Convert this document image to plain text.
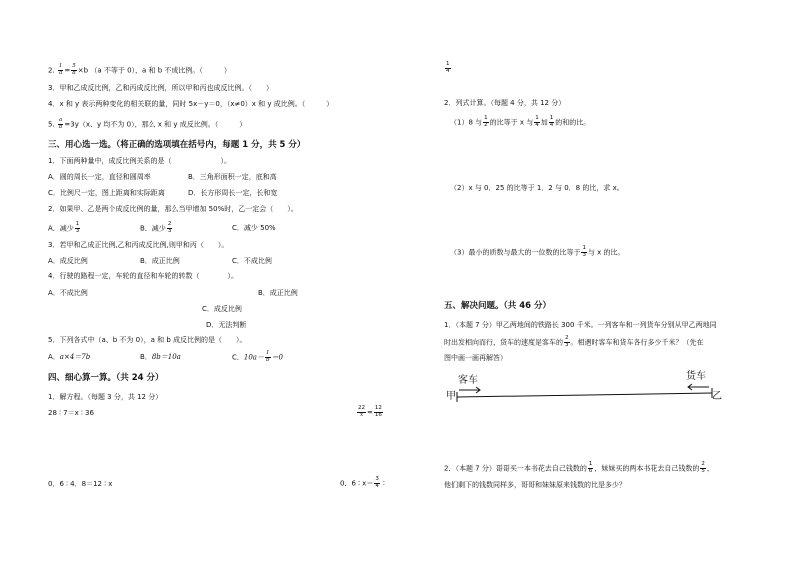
2. $\frac{1}{a} = \frac{5}{8} \times b$ （a 不等于 0），a 和 b 不成比例。（　　　）
3．甲和乙成反比例，乙和丙成反比例，所以甲和丙也成反比例。（　　）
4．x 和 y 表示两种变化的相关联的量，同时 5x－y＝0，（x≠0）x 和 y 成比例。（　　　）
5. $\frac{a}{8} =3y(x$、y 均不为 0），那么 x 和 y 成反比例。（　　　）
三、用心选一选。（将正确的选项填在括号内，每题 1 分，共 5 分）
1．下面两种量中，成反比例关系的是（　　　　　　　）。
A．圆的周长一定，直径和圆周率	B．三角形面积一定，底和高
C．比例尺一定，图上距离和实际距离	D．长方形周长一定，长和宽
2．如果甲、乙是两个成反比例的量，那么当甲增加 50%时，乙一定会（　　）。
A．减少 $\frac{1}{3}$	B．减少 $\frac{2}{3}$	C．减少 50%
3．若甲和乙成正比例,乙和丙成反比例,则甲和丙（　　）。
A．成反比例	B．成正比例	C．不成比例
4．行驶的路程一定，车轮的直径和车轮的转数（　　　　）。
A．不成比例	B．成正比例
C．成反比例
D．无法判断
5．下列各式中（a、b 不为 0），a 和 b 成反比例的是（　　）。
A．a×4＝7b	B．8b＝10a	C．$10a- \frac{1}{b} =0$
四、细心算一算。（共 24 分）
1．解方程。（每题 3 分，共 12 分）
28 ∶ 7＝x ∶ 36	$\frac{22}{x} = \frac{12}{16}$
0．6 ∶ 4．8＝12 ∶ x	0．6 ∶ $x= \frac{3}{4}$ ∶
$\frac{1}{4}$
2．列式计算。（每题 4 分，共 12 分）
（1）8 与 $\frac{1}{2}$ 的比等于 x 与 $\frac{1}{4}$ 加 $\frac{1}{4}$ 的和的比。
（2）x 与 0．25 的比等于 1．2 与 0．8 的比，求 x。
（3）最小的质数与最大的一位数的比等于 $\frac{1}{3}$ 与 x 的比。
五、解决问题。（共 46 分）
1．（本题 7 分）甲乙两地间的铁路长 300 千米。一列客车和一列货车分别从甲乙两地同
时出发相向而行，货车的速度是客车的 $\frac{2}{3}$ 。相遇时客车和货车各行多少千米？（先在
图中画一画再解答）
客车	货车
甲	乙
2．（本题 7 分）哥哥买一本书花去自己钱数的 $\frac{1}{6}$ ，妹妹买的两本书花去自己钱数的 $\frac{2}{5}$ ，
他们剩下的钱数同样多，哥哥和妹妹原来钱数的比是多少？
